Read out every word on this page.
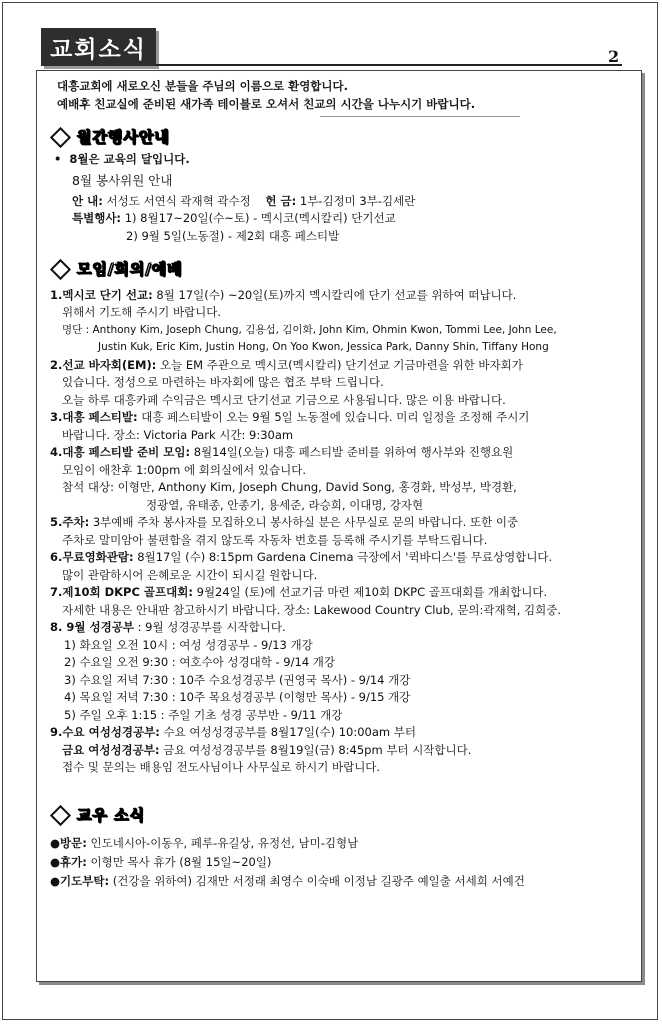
교회소식	2
대흥교회에 새로오신 분들을 주님의 이름으로 환영합니다.
예배후 친교실에 준비된 새가족 테이블로 오셔서 친교의 시간을 나누시기 바랍니다.
월간행사안내
•  8월은 교육의 달입니다.
8월 봉사위원 안내
안 내: 서성도 서연식 곽재혁 곽수정 헌 금: 1부-김정미 3부-김세란
특별행사: 1) 8월17~20일(수~토) - 멕시코(멕시칼리) 단기선교
2) 9월 5일(노동절) - 제2회 대흥 페스티발
모임/회의/예배
1.멕시코 단기 선교: 8월 17일(수) ~20일(토)까지 멕시칼리에 단기 선교를 위하여 떠납니다.
위해서 기도해 주시기 바랍니다.
명단 : Anthony Kim, Joseph Chung, 김용섭, 김이화, John Kim, Ohmin Kwon, Tommi Lee, John Lee,
Justin Kuk, Eric Kim, Justin Hong, On Yoo Kwon, Jessica Park, Danny Shin, Tiffany Hong
2.선교 바자회(EM): 오늘 EM 주관으로 멕시코(멕시칼리) 단기선교 기금마련을 위한 바자회가
있습니다. 정성으로 마련하는 바자회에 많은 협조 부탁 드립니다.
오늘 하루 대흥카페 수익금은 멕시코 단기선교 기금으로 사용됩니다. 많은 이용 바랍니다.
3.대흥 페스티발: 대흥 페스티발이 오는 9월 5일 노동절에 있습니다. 미리 일정을 조정해 주시기
바랍니다. 장소: Victoria Park 시간: 9:30am
4.대흥 페스티발 준비 모임: 8월14일(오늘) 대흥 페스티발 준비를 위하여 행사부와 진행요원
모임이 애찬후 1:00pm 에 회의실에서 있습니다.
참석 대상: 이형만, Anthony Kim, Joseph Chung, David Song, 홍경화, 박성부, 박경환,
정광열, 유태종, 안종기, 용세준, 라승희, 이대명, 강자현
5.주차: 3부예배 주차 봉사자를 모집하오니 봉사하실 분은 사무실로 문의 바랍니다. 또한 이중
주차로 말미암아 불편함을 겪지 않도록 자동차 번호를 등록해 주시기를 부탁드립니다.
6.무료영화관람: 8월17일 (수) 8:15pm Gardena Cinema 극장에서 '퀵바디스'를 무료상영합니다.
많이 관람하시어 은혜로운 시간이 되시길 원합니다.
7.제10회 DKPC 골프대회: 9월24일 (토)에 선교기금 마련 제10회 DKPC 골프대회를 개최합니다.
자세한 내용은 안내판 참고하시기 바랍니다. 장소: Lakewood Country Club, 문의:곽재혁, 김희중.
8. 9월 성경공부 : 9월 성경공부를 시작합니다.
1) 화요일 오전 10시 : 여성 성경공부 - 9/13 개강
2) 수요일 오전 9:30 : 여호수아 성경대학 - 9/14 개강
3) 수요일 저녁 7:30 : 10주 수요성경공부 (권영국 목사) - 9/14 개강
4) 목요일 저녁 7:30 : 10주 목요성경공부 (이형만 목사) - 9/15 개강
5) 주일 오후 1:15 : 주일 기초 성경 공부반 - 9/11 개강
9.수요 여성성경공부: 수요 여성성경공부를 8월17일(수) 10:00am 부터
금요 여성성경공부: 금요 여성성경공부를 8월19일(금) 8:45pm 부터 시작합니다.
접수 및 문의는 배용임 전도사님이나 사무실로 하시기 바랍니다.
교우 소식
●방문: 인도네시아-이동우, 페루-유길상, 유정선, 남미-김형남
●휴가: 이형만 목사 휴가 (8월 15일~20일)
●기도부탁: (건강을 위하여) 김재만 서정래 최영수 이숙배 이정남 길광주 예일출 서세희 서예건
